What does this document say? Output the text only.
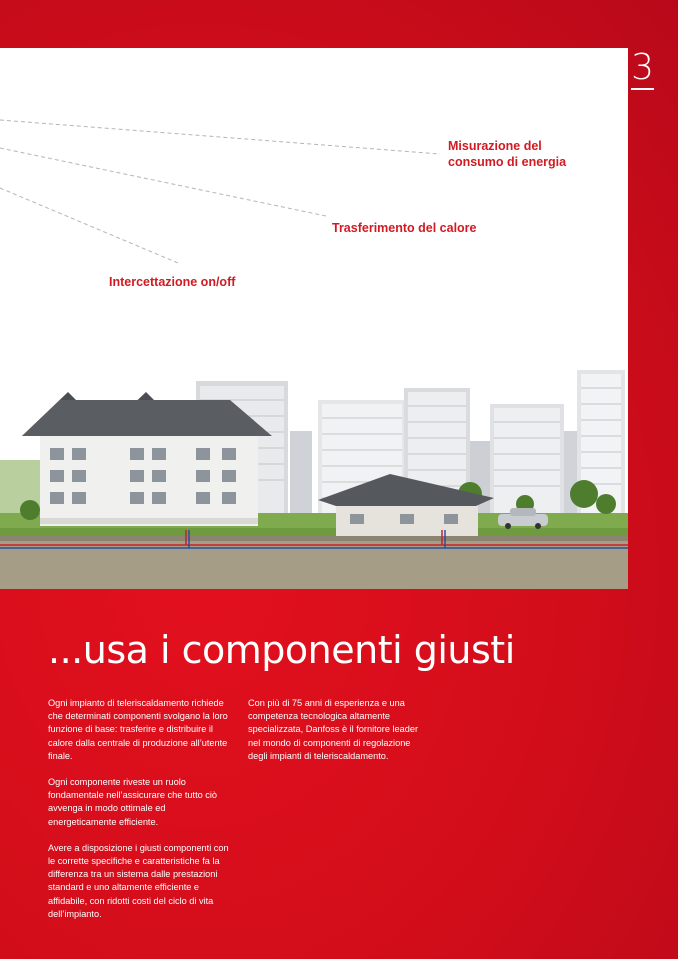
3
Misurazione del
consumo di energia
Trasferimento del calore
Intercettazione on/off
...usa i componenti giusti

Ogni impianto di teleriscaldamento richiede che determinati componenti svolgano la loro funzione di base: trasferire e distribuire il calore dalla centrale di produzione all’utente finale.

Ogni componente riveste un ruolo fondamentale nell’assicurare che tutto ciò avvenga in modo ottimale ed energeticamente efficiente.

Avere a disposizione i giusti componenti con le corrette specifiche e caratteristiche fa la differenza tra un sistema dalle prestazioni standard e uno altamente efficiente e affidabile, con ridotti costi del ciclo di vita dell’impianto.

Con più di 75 anni di esperienza e una competenza tecnologica altamente specializzata, Danfoss è il fornitore leader nel mondo di componenti di regolazione degli impianti di teleriscaldamento.
